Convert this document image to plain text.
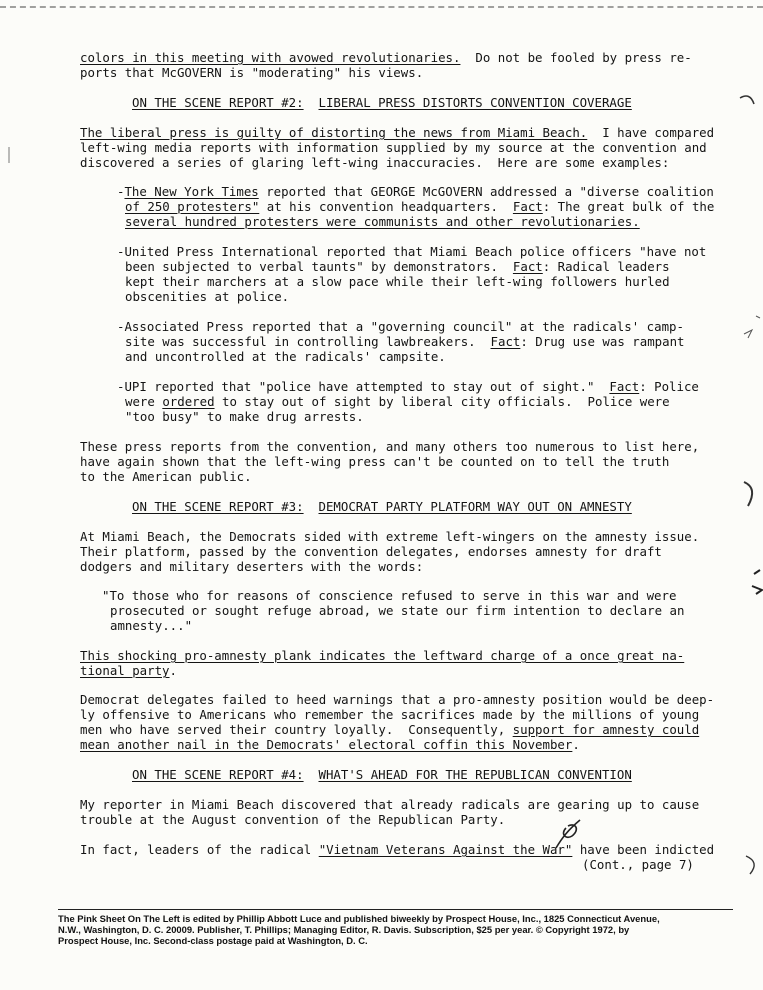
colors in this meeting with avowed revolutionaries.  Do not be fooled by press re-
ports that McGOVERN is "moderating" his views.
ON THE SCENE REPORT #2: LIBERAL PRESS DISTORTS CONVENTION COVERAGE
The liberal press is guilty of distorting the news from Miami Beach.  I have compared
left-wing media reports with information supplied by my source at the convention and
discovered a series of glaring left-wing inaccuracies.  Here are some examples:
-The New York Times reported that GEORGE McGOVERN addressed a "diverse coalition
of 250 protesters" at his convention headquarters.  Fact: The great bulk of the
several hundred protesters were communists and other revolutionaries.
-United Press International reported that Miami Beach police officers "have not
been subjected to verbal taunts" by demonstrators.  Fact: Radical leaders
kept their marchers at a slow pace while their left-wing followers hurled
obscenities at police.
-Associated Press reported that a "governing council" at the radicals' camp-
site was successful in controlling lawbreakers.  Fact: Drug use was rampant
and uncontrolled at the radicals' campsite.
-UPI reported that "police have attempted to stay out of sight."  Fact: Police
were ordered to stay out of sight by liberal city officials.  Police were
"too busy" to make drug arrests.
These press reports from the convention, and many others too numerous to list here,
have again shown that the left-wing press can't be counted on to tell the truth
to the American public.
ON THE SCENE REPORT #3: DEMOCRAT PARTY PLATFORM WAY OUT ON AMNESTY
At Miami Beach, the Democrats sided with extreme left-wingers on the amnesty issue.
Their platform, passed by the convention delegates, endorses amnesty for draft
dodgers and military deserters with the words:
"To those who for reasons of conscience refused to serve in this war and were
prosecuted or sought refuge abroad, we state our firm intention to declare an
amnesty..."
This shocking pro-amnesty plank indicates the leftward charge of a once great na-
tional party.
Democrat delegates failed to heed warnings that a pro-amnesty position would be deep-
ly offensive to Americans who remember the sacrifices made by the millions of young
men who have served their country loyally.  Consequently, support for amnesty could
mean another nail in the Democrats' electoral coffin this November.
ON THE SCENE REPORT #4: WHAT'S AHEAD FOR THE REPUBLICAN CONVENTION
My reporter in Miami Beach discovered that already radicals are gearing up to cause
trouble at the August convention of the Republican Party.
In fact, leaders of the radical "Vietnam Veterans Against the War" have been indicted
(Cont., page 7)
The Pink Sheet On The Left is edited by Phillip Abbott Luce and published biweekly by Prospect House, Inc., 1825 Connecticut Avenue,
N.W., Washington, D. C. 20009. Publisher, T. Phillips; Managing Editor, R. Davis. Subscription, $25 per year. © Copyright 1972, by
Prospect House, Inc. Second-class postage paid at Washington, D. C.
